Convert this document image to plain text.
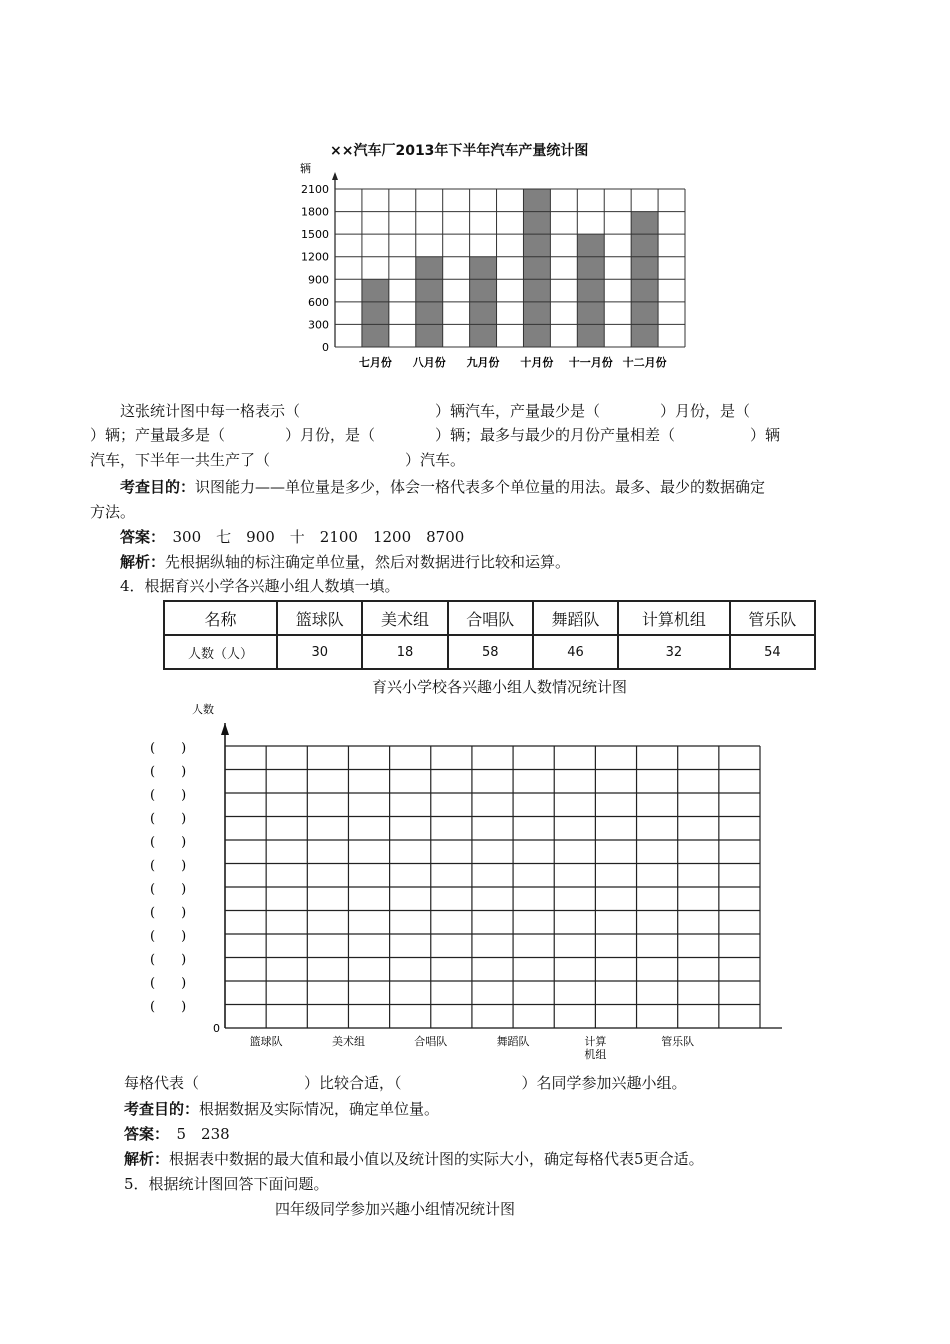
××汽车厂2013年下半年汽车产量统计图
辆
0
300
600
900
1200
1500
1800
2100
七月份 八月份 九月份 十月份 十一月份 十二月份
这张统计图中每一格表示（　　　　　　　　　）辆汽车，产量最少是（　　　　）月份，是（
）辆；产量最多是（　　　　）月份，是（　　　　）辆；最多与最少的月份产量相差（　　　　　）辆
汽车，下半年一共生产了（　　　　　　　　　）汽车。
考查目的：识图能力——单位量是多少，体会一格代表多个单位量的用法。最多、最少的数据确定
方法。
答案：　300　七　900　十　2100　1200　8700
解析：先根据纵轴的标注确定单位量，然后对数据进行比较和运算。
4．根据育兴小学各兴趣小组人数填一填。
名称	篮球队	美术组	合唱队	舞蹈队	计算机组	管乐队
人数（人）	30	18	58	46	32	54
育兴小学校各兴趣小组人数情况统计图
人数
(　　)
(　　)
(　　)
(　　)
(　　)
(　　)
(　　)
(　　)
(　　)
(　　)
(　　)
(　　)
0
篮球队	美术组	合唱队	舞蹈队	计算
机组
管乐队
每格代表（　　　　　　　）比较合适，（　　　　　　　　）名同学参加兴趣小组。
考查目的：根据数据及实际情况，确定单位量。
答案：　5　238
解析：根据表中数据的最大值和最小值以及统计图的实际大小，确定每格代表5更合适。
5．根据统计图回答下面问题。
四年级同学参加兴趣小组情况统计图
